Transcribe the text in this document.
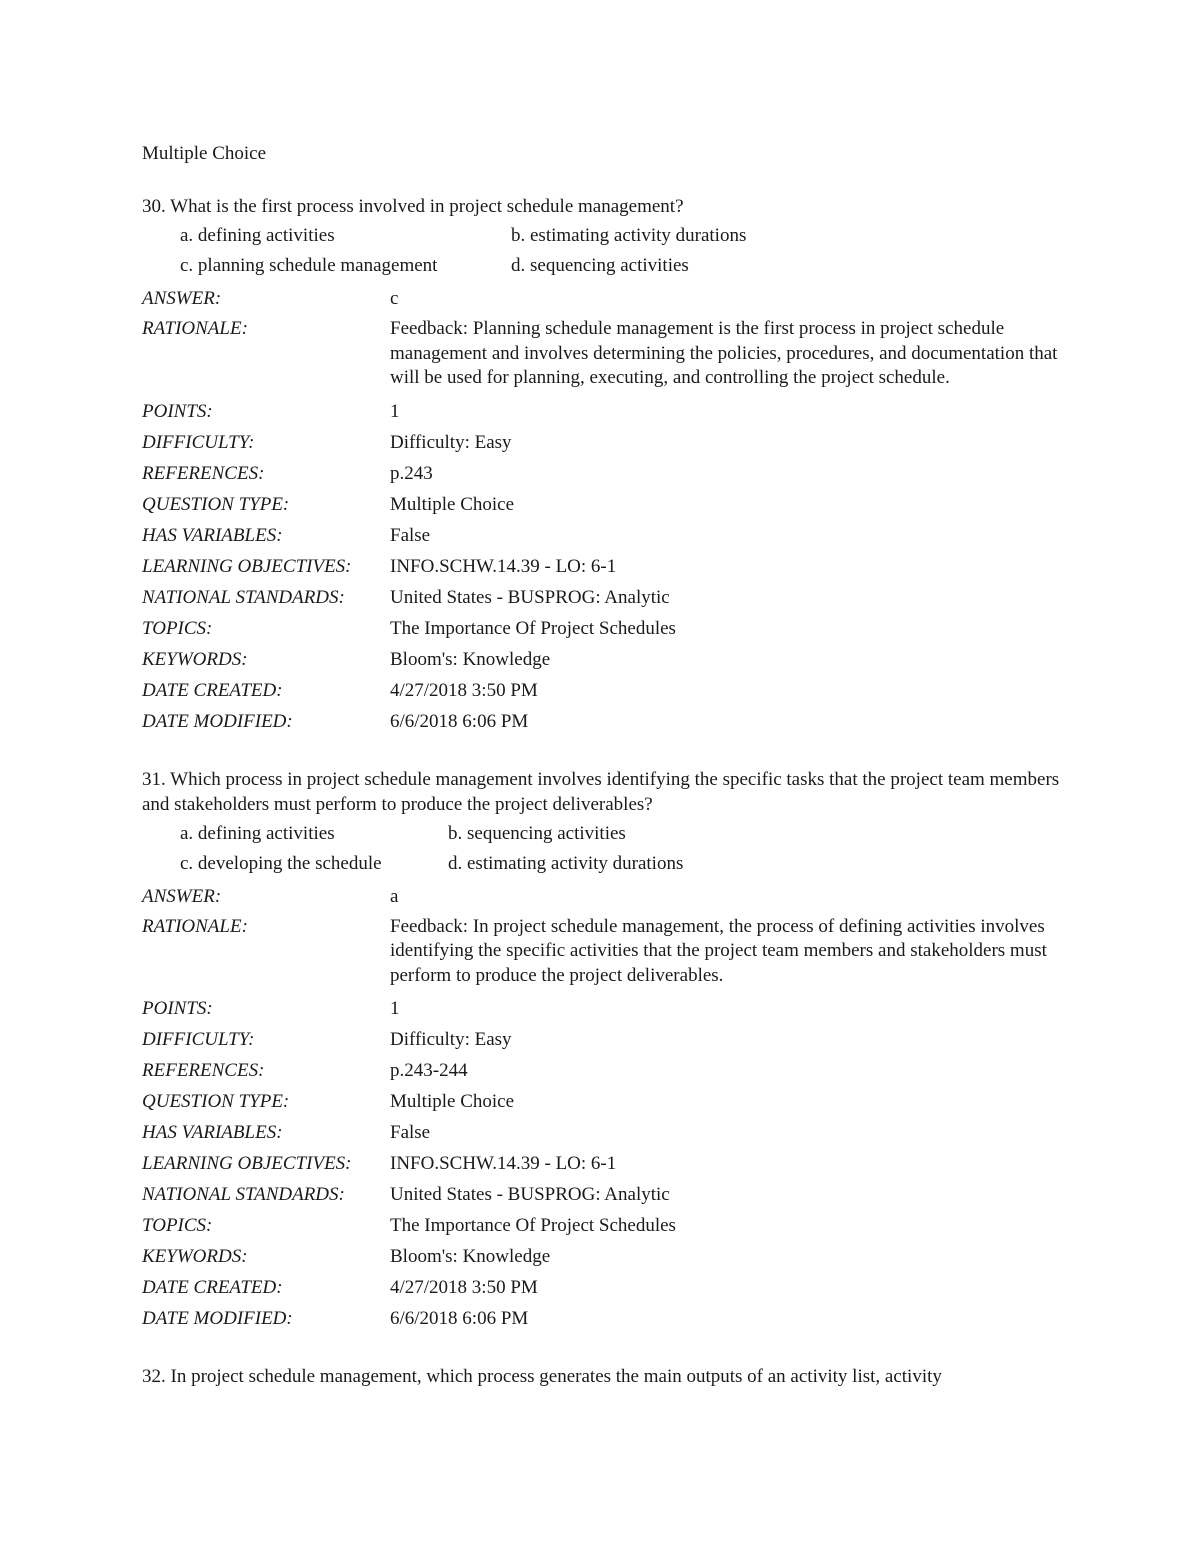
Multiple Choice
30. What is the first process involved in project schedule management?
a. defining activities	b. estimating activity durations
c. planning schedule management	d. sequencing activities
ANSWER:	c
RATIONALE:	Feedback: Planning schedule management is the first process in project schedule management and involves determining the policies, procedures, and documentation that will be used for planning, executing, and controlling the project schedule.
POINTS:	1
DIFFICULTY:	Difficulty: Easy
REFERENCES:	p.243
QUESTION TYPE:	Multiple Choice
HAS VARIABLES:	False
LEARNING OBJECTIVES:	INFO.SCHW.14.39 - LO: 6-1
NATIONAL STANDARDS:	United States - BUSPROG: Analytic
TOPICS:	The Importance Of Project Schedules
KEYWORDS:	Bloom's: Knowledge
DATE CREATED:	4/27/2018 3:50 PM
DATE MODIFIED:	6/6/2018 6:06 PM
31. Which process in project schedule management involves identifying the specific tasks that the project team members and stakeholders must perform to produce the project deliverables?
a. defining activities	b. sequencing activities
c. developing the schedule	d. estimating activity durations
ANSWER:	a
RATIONALE:	Feedback: In project schedule management, the process of defining activities involves identifying the specific activities that the project team members and stakeholders must perform to produce the project deliverables.
POINTS:	1
DIFFICULTY:	Difficulty: Easy
REFERENCES:	p.243-244
QUESTION TYPE:	Multiple Choice
HAS VARIABLES:	False
LEARNING OBJECTIVES:	INFO.SCHW.14.39 - LO: 6-1
NATIONAL STANDARDS:	United States - BUSPROG: Analytic
TOPICS:	The Importance Of Project Schedules
KEYWORDS:	Bloom's: Knowledge
DATE CREATED:	4/27/2018 3:50 PM
DATE MODIFIED:	6/6/2018 6:06 PM
32. In project schedule management, which process generates the main outputs of an activity list, activity
